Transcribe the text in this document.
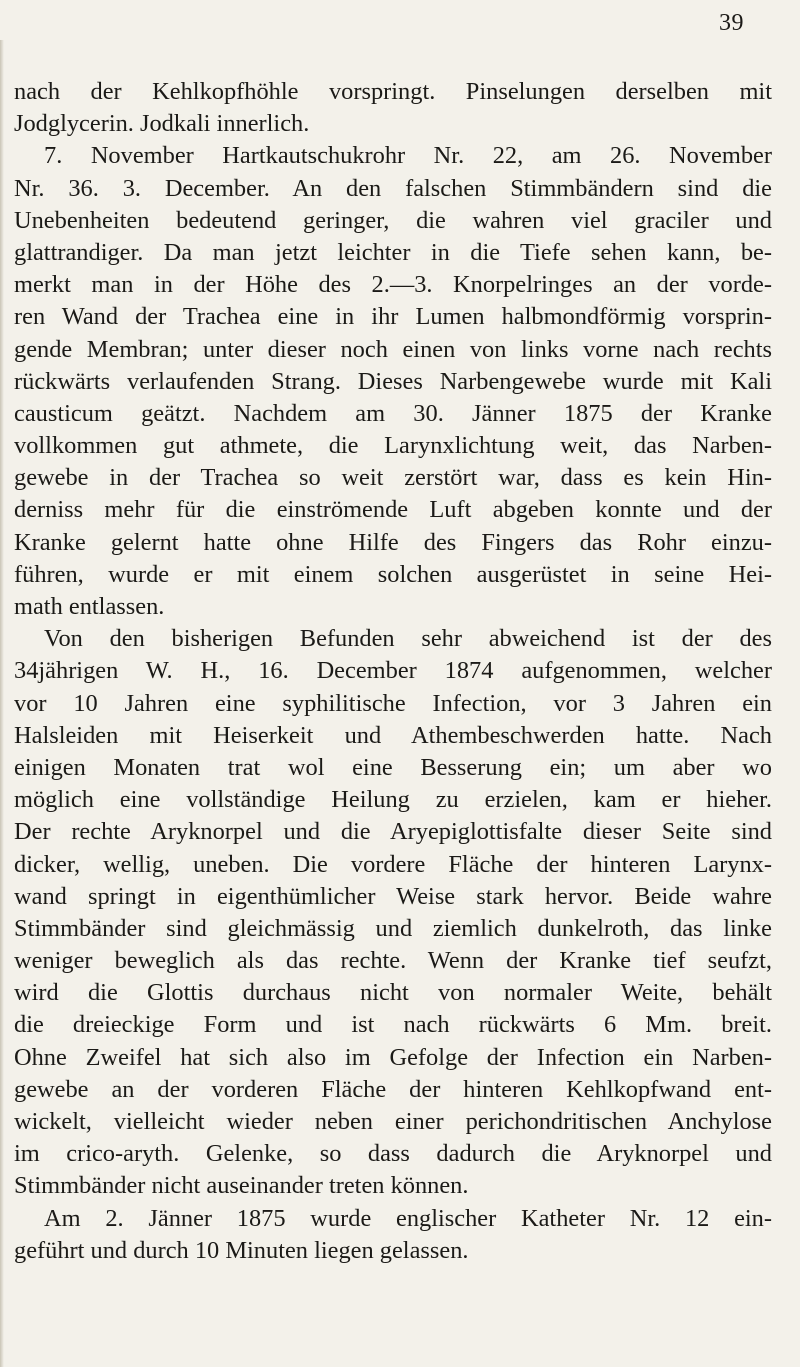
39
nach der Kehlkopfhöhle vorspringt. Pinselungen derselben mit
Jodglycerin. Jodkali innerlich.
7. November Hartkautschukrohr Nr. 22, am 26. November
Nr. 36. 3. December. An den falschen Stimmbändern sind die
Unebenheiten bedeutend geringer, die wahren viel graciler und
glattrandiger. Da man jetzt leichter in die Tiefe sehen kann, be-
merkt man in der Höhe des 2.—3. Knorpelringes an der vorde-
ren Wand der Trachea eine in ihr Lumen halbmondförmig vorsprin-
gende Membran; unter dieser noch einen von links vorne nach rechts
rückwärts verlaufenden Strang. Dieses Narbengewebe wurde mit Kali
causticum geätzt. Nachdem am 30. Jänner 1875 der Kranke
vollkommen gut athmete, die Larynxlichtung weit, das Narben-
gewebe in der Trachea so weit zerstört war, dass es kein Hin-
derniss mehr für die einströmende Luft abgeben konnte und der
Kranke gelernt hatte ohne Hilfe des Fingers das Rohr einzu-
führen, wurde er mit einem solchen ausgerüstet in seine Hei-
math entlassen.
Von den bisherigen Befunden sehr abweichend ist der des
34jährigen W. H., 16. December 1874 aufgenommen, welcher
vor 10 Jahren eine syphilitische Infection, vor 3 Jahren ein
Halsleiden mit Heiserkeit und Athembeschwerden hatte. Nach
einigen Monaten trat wol eine Besserung ein; um aber wo
möglich eine vollständige Heilung zu erzielen, kam er hieher.
Der rechte Aryknorpel und die Aryepiglottisfalte dieser Seite sind
dicker, wellig, uneben. Die vordere Fläche der hinteren Larynx-
wand springt in eigenthümlicher Weise stark hervor. Beide wahre
Stimmbänder sind gleichmässig und ziemlich dunkelroth, das linke
weniger beweglich als das rechte. Wenn der Kranke tief seufzt,
wird die Glottis durchaus nicht von normaler Weite, behält
die dreieckige Form und ist nach rückwärts 6 Mm. breit.
Ohne Zweifel hat sich also im Gefolge der Infection ein Narben-
gewebe an der vorderen Fläche der hinteren Kehlkopfwand ent-
wickelt, vielleicht wieder neben einer perichondritischen Anchylose
im crico-aryth. Gelenke, so dass dadurch die Aryknorpel und
Stimmbänder nicht auseinander treten können.
Am 2. Jänner 1875 wurde englischer Katheter Nr. 12 ein-
geführt und durch 10 Minuten liegen gelassen.
